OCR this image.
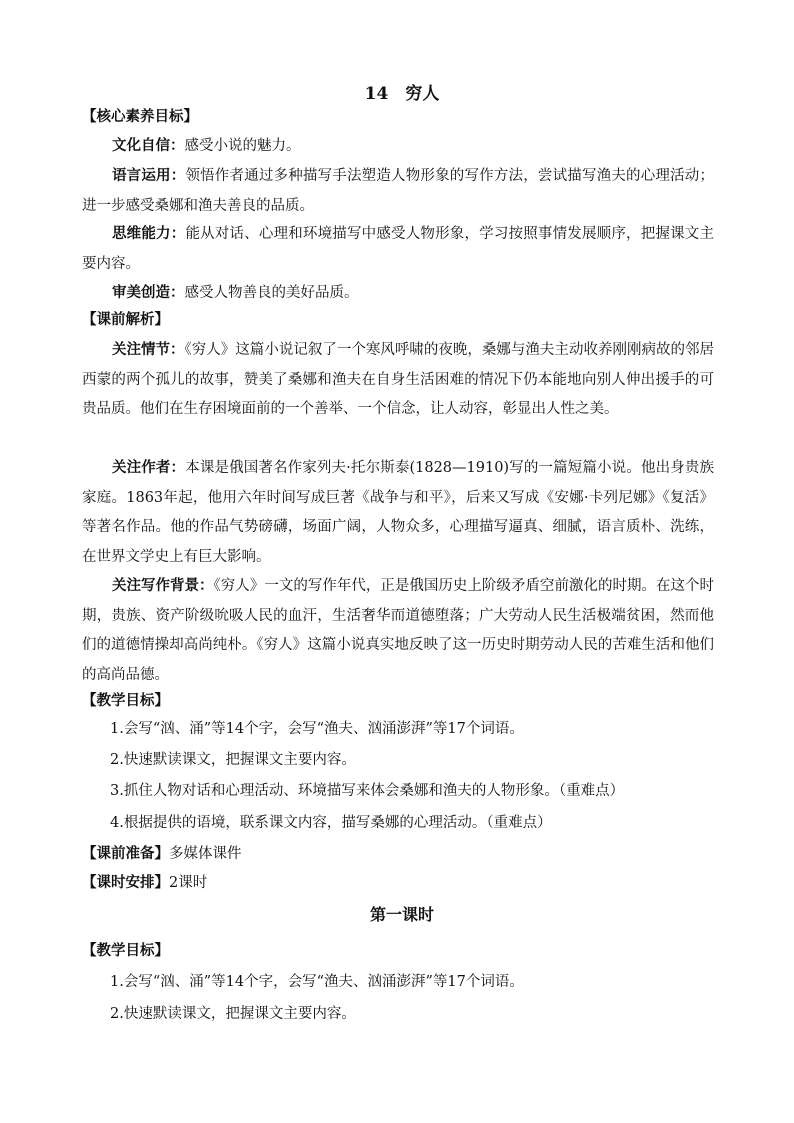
14　穷人
【核心素养目标】
文化自信：感受小说的魅力。
语言运用：领悟作者通过多种描写手法塑造人物形象的写作方法，尝试描写渔夫的心理活动；进一步感受桑娜和渔夫善良的品质。
思维能力：能从对话、心理和环境描写中感受人物形象，学习按照事情发展顺序，把握课文主要内容。
审美创造：感受人物善良的美好品质。
【课前解析】
关注情节：《穷人》这篇小说记叙了一个寒风呼啸的夜晚，桑娜与渔夫主动收养刚刚病故的邻居西蒙的两个孤儿的故事，赞美了桑娜和渔夫在自身生活困难的情况下仍本能地向别人伸出援手的可贵品质。他们在生存困境面前的一个善举、一个信念，让人动容，彰显出人性之美。
关注作者：本课是俄国著名作家列夫·托尔斯泰(1828—1910)写的一篇短篇小说。他出身贵族家庭。1863年起，他用六年时间写成巨著《战争与和平》，后来又写成《安娜·卡列尼娜》《复活》等著名作品。他的作品气势磅礴，场面广阔，人物众多，心理描写逼真、细腻，语言质朴、洗练，在世界文学史上有巨大影响。
关注写作背景：《穷人》一文的写作年代，正是俄国历史上阶级矛盾空前激化的时期。在这个时期，贵族、资产阶级吮吸人民的血汗，生活奢华而道德堕落；广大劳动人民生活极端贫困，然而他们的道德情操却高尚纯朴。《穷人》这篇小说真实地反映了这一历史时期劳动人民的苦难生活和他们的高尚品德。
【教学目标】
1.会写“汹、涌”等14个字，会写“渔夫、汹涌澎湃”等17个词语。
2.快速默读课文，把握课文主要内容。
3.抓住人物对话和心理活动、环境描写来体会桑娜和渔夫的人物形象。（重难点）
4.根据提供的语境，联系课文内容，描写桑娜的心理活动。（重难点）
【课前准备】多媒体课件
【课时安排】2课时
第一课时
【教学目标】
1.会写“汹、涌”等14个字，会写“渔夫、汹涌澎湃”等17个词语。
2.快速默读课文，把握课文主要内容。
